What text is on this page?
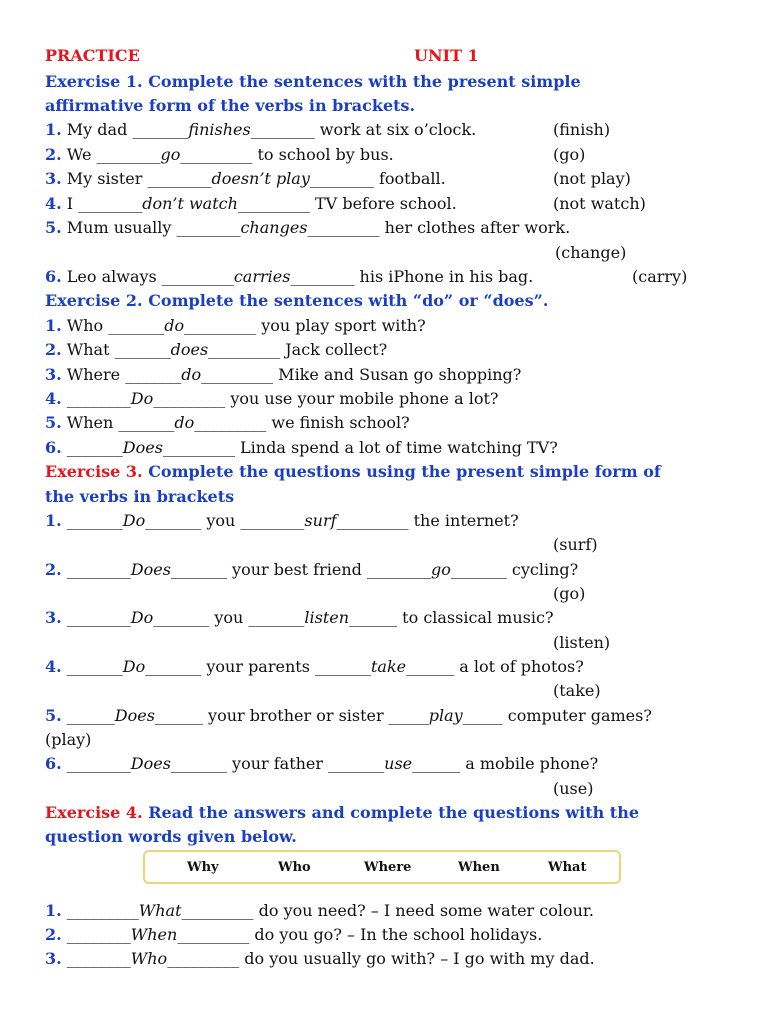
PRACTICE	UNIT 1
Exercise 1. Complete the sentences with the present simple
affirmative form of the verbs in brackets.
1. My dad _______finishes________ work at six o’clock.	(finish)
2. We ________go_________ to school by bus.	(go)
3. My sister ________doesn’t play________ football.	(not play)
4. I ________don’t watch_________ TV before school.	(not watch)
5. Mum usually ________changes_________ her clothes after work.
(change)
6. Leo always _________carries________ his iPhone in his bag.	(carry)
Exercise 2. Complete the sentences with “do” or “does”.
1. Who _______do_________ you play sport with?
2. What _______does_________ Jack collect?
3. Where _______do_________ Mike and Susan go shopping?
4. ________Do_________ you use your mobile phone a lot?
5. When _______do_________ we finish school?
6. _______Does_________ Linda spend a lot of time watching TV?
Exercise 3. Complete the questions using the present simple form of
the verbs in brackets
1. _______Do_______ you ________surf_________ the internet?
(surf)
2. ________Does_______ your best friend ________go_______ cycling?
(go)
3. ________Do_______ you _______listen______ to classical music?
(listen)
4. _______Do_______ your parents _______take______ a lot of photos?
(take)
5. ______Does______ your brother or sister _____play_____ computer games?
(play)
6. ________Does_______ your father _______use______ a mobile phone?
(use)
Exercise 4. Read the answers and complete the questions with the
question words given below.
Why	Who	Where	When	What
1. _________What_________ do you need? – I need some water colour.
2. ________When_________ do you go? – In the school holidays.
3. ________Who_________ do you usually go with? – I go with my dad.
